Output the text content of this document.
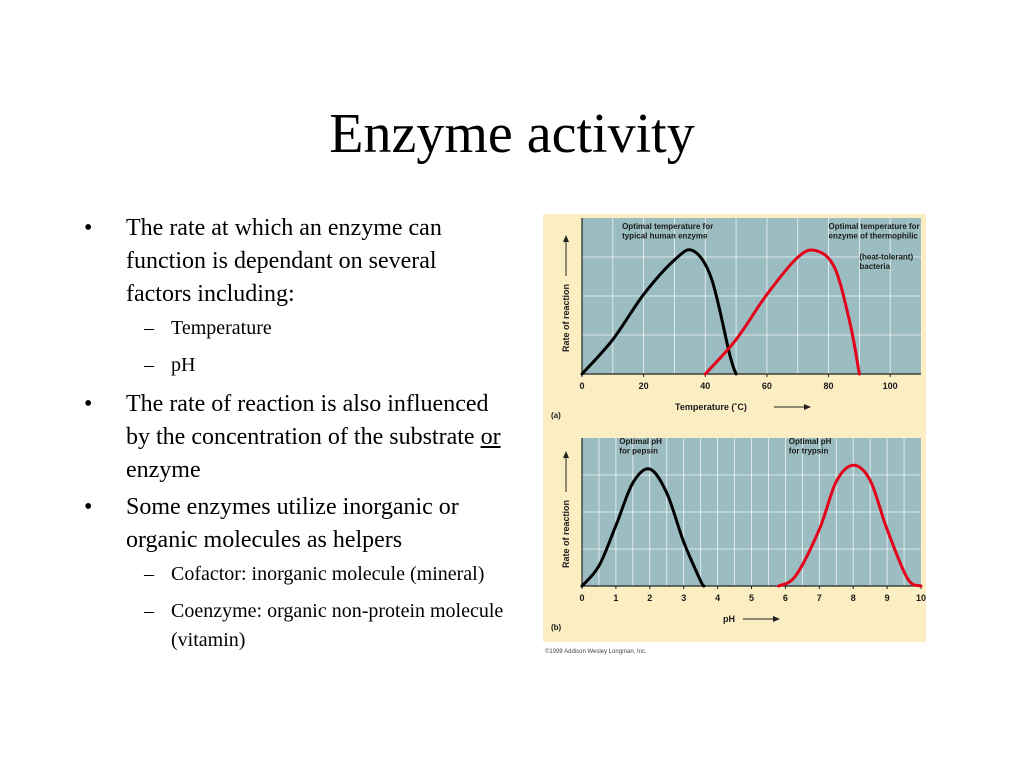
Enzyme activity
• The rate at which an enzyme can function is dependant on several factors including:
– Temperature
– pH
• The rate of reaction is also influenced by the concentration of the substrate or enzyme
• Some enzymes utilize inorganic or organic molecules as helpers
– Cofactor: inorganic molecule (mineral)
– Coenzyme: organic non-protein molecule (vitamin)
0	20	40	60	80	100
Temperature (˚C)
Rate of reaction
(a)
Optimal temperature for
typical human enzyme
Optimal temperature for
enzyme of thermophilic
(heat-tolerant)
bacteria
0	1	2	3	4	5	6	7	8	9	10
pH
Rate of reaction
(b)
Optimal pH
for pepsin
Optimal pH
for trypsin
©1999 Addison Wesley Longman, Inc.
